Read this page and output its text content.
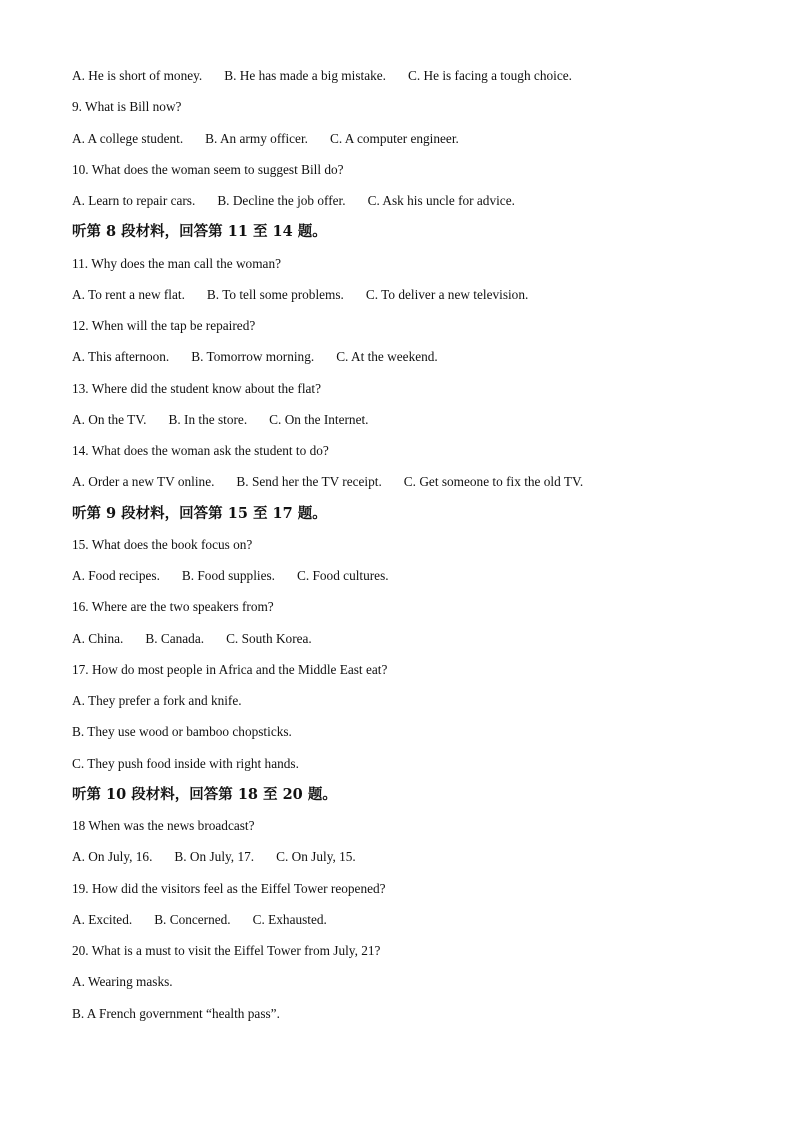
A. He is short of money. B. He has made a big mistake. C. He is facing a tough choice.
9. What is Bill now?
A. A college student. B. An army officer. C. A computer engineer.
10. What does the woman seem to suggest Bill do?
A. Learn to repair cars. B. Decline the job offer. C. Ask his uncle for advice.
听第 8 段材料，回答第 11 至 14 题。
11. Why does the man call the woman?
A. To rent a new flat. B. To tell some problems. C. To deliver a new television.
12. When will the tap be repaired?
A. This afternoon. B. Tomorrow morning. C. At the weekend.
13. Where did the student know about the flat?
A. On the TV. B. In the store. C. On the Internet.
14. What does the woman ask the student to do?
A. Order a new TV online. B. Send her the TV receipt. C. Get someone to fix the old TV.
听第 9 段材料，回答第 15 至 17 题。
15. What does the book focus on?
A. Food recipes. B. Food supplies. C. Food cultures.
16. Where are the two speakers from?
A. China. B. Canada. C. South Korea.
17. How do most people in Africa and the Middle East eat?
A. They prefer a fork and knife.
B. They use wood or bamboo chopsticks.
C. They push food inside with right hands.
听第 10 段材料，回答第 18 至 20 题。
18 When was the news broadcast?
A. On July, 16. B. On July, 17. C. On July, 15.
19. How did the visitors feel as the Eiffel Tower reopened?
A. Excited. B. Concerned. C. Exhausted.
20. What is a must to visit the Eiffel Tower from July, 21?
A. Wearing masks.
B. A French government “health pass”.
